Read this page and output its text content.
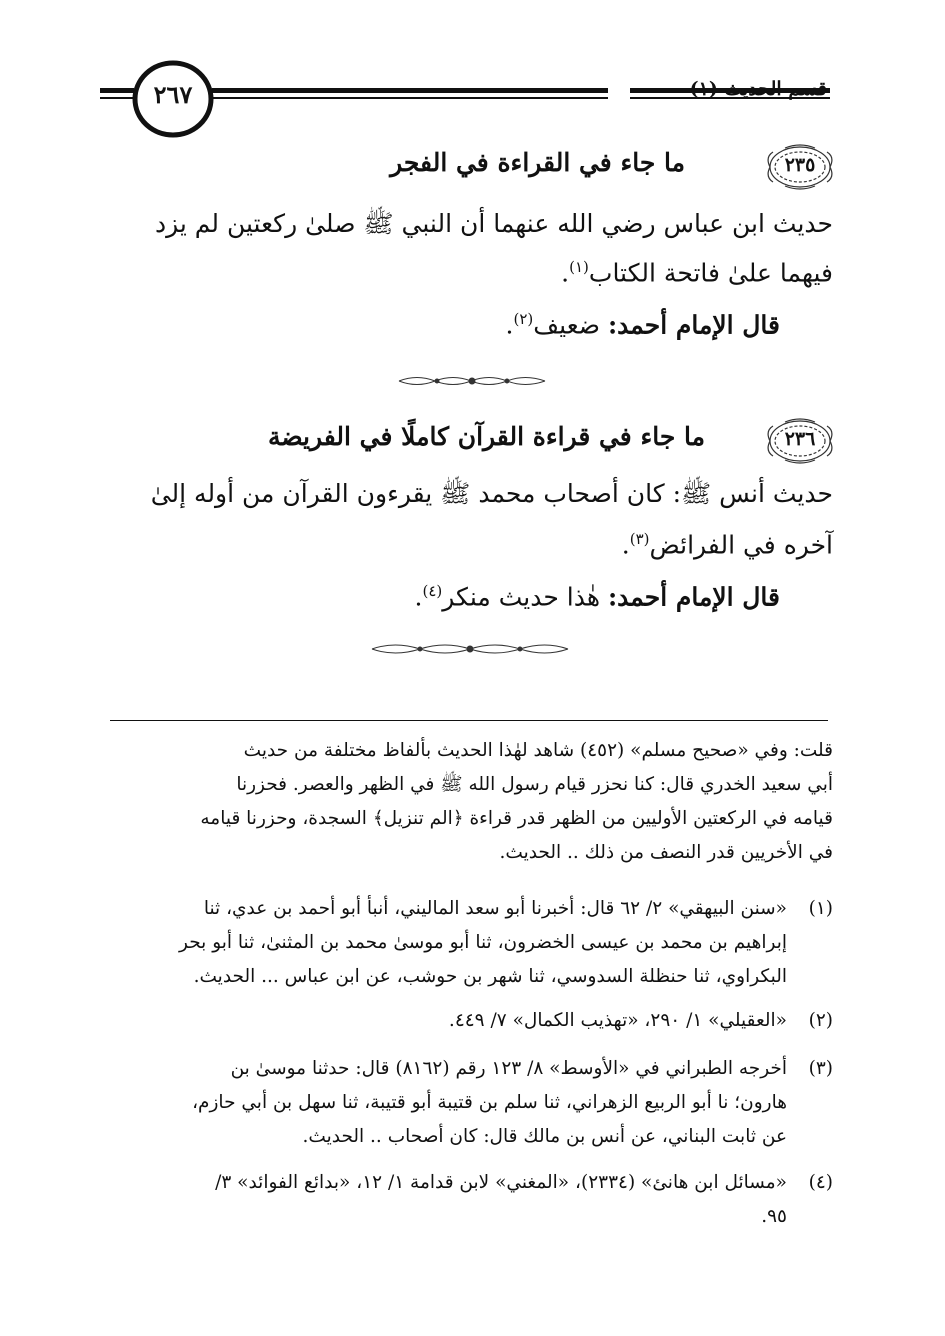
قسم الحديث (١)
٢٦٧
٢٣٥
ما جاء في القراءة في الفجر
حديث ابن عباس رضي الله عنهما أن النبي ﷺ صلىٰ ركعتين لم يزد
فيهما علىٰ فاتحة الكتاب$^{(١)}$.
قال الإمام أحمد: ضعيف$^{(٢)}$.
٢٣٦
ما جاء في قراءة القرآن كاملًا في الفريضة
حديث أنس ﷺ: كان أصحاب محمد ﷺ يقرءون القرآن من أوله إلىٰ
آخره في الفرائض$^{(٣)}$.
قال الإمام أحمد: هٰذا حديث منكر$^{(٤)}$.
قلت: وفي «صحيح مسلم» (٤٥٢) شاهد لهٰذا الحديث بألفاظ مختلفة من حديث
أبي سعيد الخدري قال: كنا نحزر قيام رسول الله ﷺ في الظهر والعصر. فحزرنا
قيامه في الركعتين الأوليين من الظهر قدر قراءة ﴿الم تنزيل﴾ السجدة، وحزرنا قيامه
في الأخريين قدر النصف من ذلك .. الحديث.
(١)
«سنن البيهقي» ٢/ ٦٢ قال: أخبرنا أبو سعد الماليني، أنبأ أبو أحمد بن عدي، ثنا
إبراهيم بن محمد بن عيسى الخضرون، ثنا أبو موسىٰ محمد بن المثنىٰ، ثنا أبو بحر
البكراوي، ثنا حنظلة السدوسي، ثنا شهر بن حوشب، عن ابن عباس ... الحديث.
(٢)
«العقيلي» ١/ ٢٩٠، «تهذيب الكمال» ٧/ ٤٤٩.
(٣)
أخرجه الطبراني في «الأوسط» ٨/ ١٢٣ رقم (٨١٦٢) قال: حدثنا موسىٰ بن
هارون؛ نا أبو الربيع الزهراني، ثنا سلم بن قتيبة أبو قتيبة، ثنا سهل بن أبي حازم،
عن ثابت البناني، عن أنس بن مالك قال: كان أصحاب .. الحديث.
(٤)
«مسائل ابن هانئ» (٢٣٣٤)، «المغني» لابن قدامة ١/ ١٢، «بدائع الفوائد» ٣/
٩٥.
